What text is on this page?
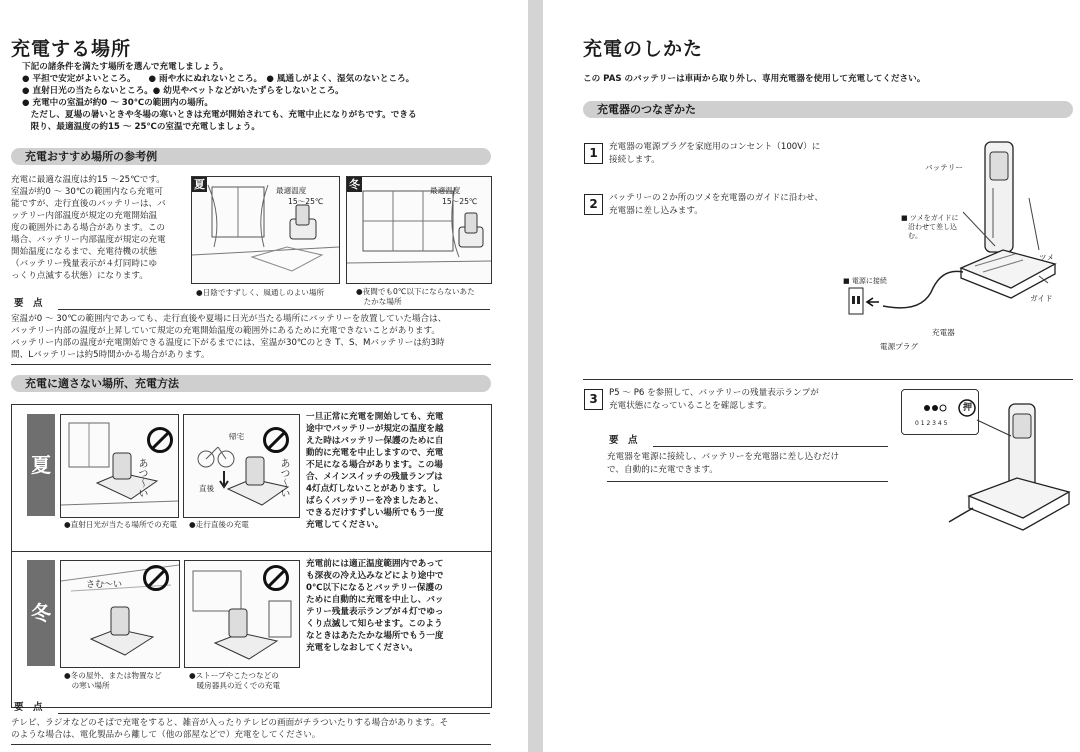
充電する場所
下記の諸条件を満たす場所を選んで充電しましょう。
● 平担で安定がよいところ。　　● 雨や水にぬれないところ。　● 風通しがよく、湿気のないところ。
● 直射日光の当たらないところ。● 幼児やペットなどがいたずらをしないところ。
● 充電中の室温が約0 ～ 30℃の範囲内の場所。
　ただし、夏場の暑いときや冬場の寒いときは充電が開始されても、充電中止になりがちです。できる
　限り、最適温度の約15 ～ 25℃の室温で充電しましょう。
充電おすすめ場所の参考例
充電に最適な温度は約15 ～25℃です。
室温が約0 ～ 30℃の範囲内なら充電可
能ですが、走行直後のバッテリーは、バ
ッテリー内部温度が規定の充電開始温
度の範囲外にある場合があります。この
場合、バッテリー内部温度が規定の充電
開始温度になるまで、充電待機の状態
（バッテリー残量表示が４灯同時にゆ
っくり点滅する状態）になります。
夏	最適温度
15～25℃
●日陰ですずしく、風通しのよい場所
冬	最適温度
15～25℃
●夜間でも0℃以下にならないあた
　たかな場所
要　点
室温が0 ～ 30℃の範囲内であっても、走行直後や夏場に日光が当たる場所にバッテリーを放置していた場合は、
バッテリー内部の温度が上昇していて規定の充電開始温度の範囲外にあるために充電できないことがあります。
バッテリー内部の温度が充電開始できる温度に下がるまでには、室温が30℃のとき T、S、Mバッテリーは約3時
間、Lバッテリーは約5時間かかる場合があります。
充電に適さない場所、充電方法
夏	あつ〜い	あつ〜い
直後
帰宅
●直射日光が当たる場所での充電 ●走行直後の充電
一旦正常に充電を開始しても、充電
途中でバッテリーが規定の温度を越
えた時はバッテリー保護のために自
動的に充電を中止しますので、充電
不足になる場合があります。この場
合、メインスイッチの残量ランプは
4灯点灯しないことがあります。し
ばらくバッテリーを冷ましたあと、
できるだけすずしい場所でもう一度
充電してください。
冬
さむ〜い
●冬の屋外、または物置など
　の寒い場所
●ストーブやこたつなどの
　暖房器具の近くでの充電
充電前には適正温度範囲内であって
も深夜の冷え込みなどにより途中で
0℃以下になるとバッテリー保護の
ために自動的に充電を中止し、バッ
テリー残量表示ランプが４灯でゆっ
くり点滅して知らせます。このよう
なときはあたたかな場所でもう一度
充電をしなおしてください。
要　点
テレビ、ラジオなどのそばで充電をすると、雑音が入ったりテレビの画面がチラついたりする場合があります。そ
のような場合は、電化製品から離して（他の部屋などで）充電をしてください。
充電のしかた
この PAS のバッテリーは車両から取り外し、専用充電器を使用して充電してください。
充電器のつなぎかた
1	充電器の電源プラグを家庭用のコンセント（100V）に
接続します。
2	バッテリーの２か所のツメを充電器のガイドに沿わせ、
充電器に差し込みます。
バッテリー
■ ツメをガイドに
　沿わせて差し込
　む。
ツメ
ガイド
■ 電源に接続
充電器
電源プラグ
3	P5 ～ P6 を参照して、バッテリーの残量表示ランプが
充電状態になっていることを確認します。	押
0 1 2 3 4 5
要　点
充電器を電源に接続し、バッテリーを充電器に差し込むだけ
で、自動的に充電できます。
